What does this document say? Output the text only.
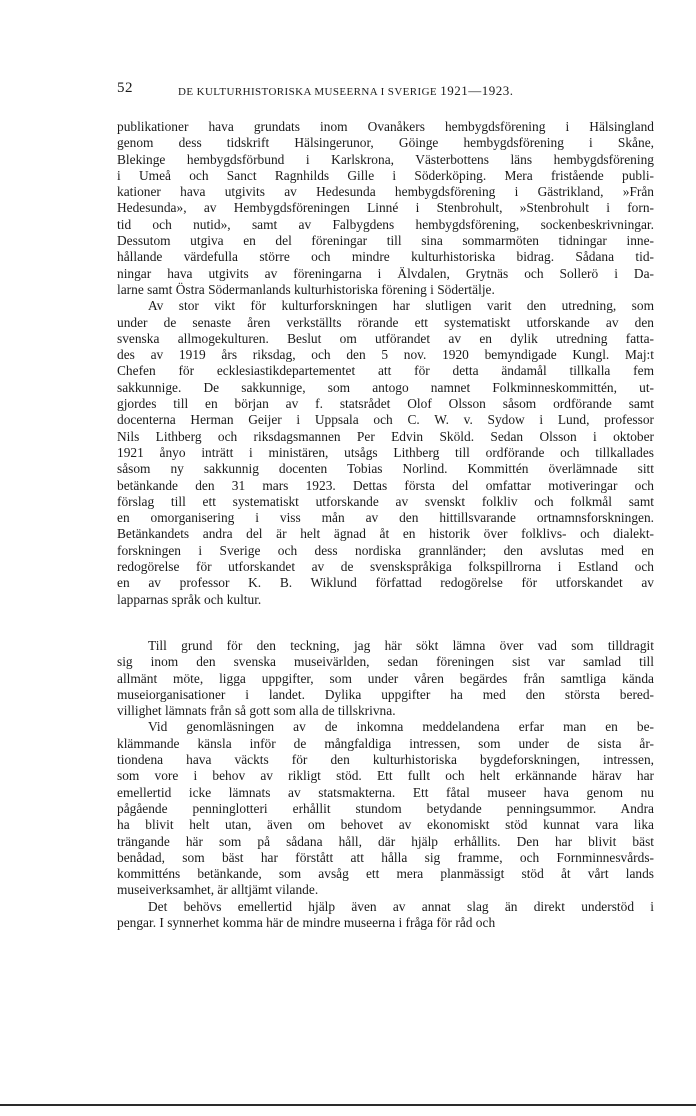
52	DE KULTURHISTORISKA MUSEERNA I SVERIGE 1921—1923.

publikationer hava grundats inom Ovanåkers hembygdsförening i Hälsingland
genom dess tidskrift Hälsingerunor, Göinge hembygdsförening i Skåne,
Blekinge hembygdsförbund i Karlskrona, Västerbottens läns hembygdsförening
i Umeå och Sanct Ragnhilds Gille i Söderköping. Mera fristående publi-
kationer hava utgivits av Hedesunda hembygdsförening i Gästrikland, »Från
Hedesunda», av Hembygdsföreningen Linné i Stenbrohult, »Stenbrohult i forn-
tid och nutid», samt av Falbygdens hembygdsförening, sockenbeskrivningar.
Dessutom utgiva en del föreningar till sina sommarmöten tidningar inne-
hållande värdefulla större och mindre kulturhistoriska bidrag. Sådana tid-
ningar hava utgivits av föreningarna i Älvdalen, Grytnäs och Sollerö i Da-
larne samt Östra Södermanlands kulturhistoriska förening i Södertälje.

Av stor vikt för kulturforskningen har slutligen varit den utredning, som
under de senaste åren verkställts rörande ett systematiskt utforskande av den
svenska allmogekulturen. Beslut om utförandet av en dylik utredning fatta-
des av 1919 års riksdag, och den 5 nov. 1920 bemyndigade Kungl. Maj:t
Chefen för ecklesiastikdepartementet att för detta ändamål tillkalla fem
sakkunnige. De sakkunnige, som antogo namnet Folkminneskommittén, ut-
gjordes till en början av f. statsrådet Olof Olsson såsom ordförande samt
docenterna Herman Geijer i Uppsala och C. W. v. Sydow i Lund, professor
Nils Lithberg och riksdagsmannen Per Edvin Sköld. Sedan Olsson i oktober
1921 ånyo inträtt i ministären, utsågs Lithberg till ordförande och tillkallades
såsom ny sakkunnig docenten Tobias Norlind. Kommittén överlämnade sitt
betänkande den 31 mars 1923. Dettas första del omfattar motiveringar och
förslag till ett systematiskt utforskande av svenskt folkliv och folkmål samt
en omorganisering i viss mån av den hittillsvarande ortnamnsforskningen.
Betänkandets andra del är helt ägnad åt en historik över folklivs- och dialekt-
forskningen i Sverige och dess nordiska grannländer; den avslutas med en
redogörelse för utforskandet av de svenskspråkiga folkspillrorna i Estland och
en av professor K. B. Wiklund författad redogörelse för utforskandet av
lapparnas språk och kultur.

Till grund för den teckning, jag här sökt lämna över vad som tilldragit
sig inom den svenska museivärlden, sedan föreningen sist var samlad till
allmänt möte, ligga uppgifter, som under våren begärdes från samtliga kända
museiorganisationer i landet. Dylika uppgifter ha med den största bered-
villighet lämnats från så gott som alla de tillskrivna.

Vid genomläsningen av de inkomna meddelandena erfar man en be-
klämmande känsla inför de mångfaldiga intressen, som under de sista år-
tiondena hava väckts för den kulturhistoriska bygdeforskningen, intressen,
som vore i behov av rikligt stöd. Ett fullt och helt erkännande härav har
emellertid icke lämnats av statsmakterna. Ett fåtal museer hava genom nu
pågående penninglotteri erhållit stundom betydande penningsummor. Andra
ha blivit helt utan, även om behovet av ekonomiskt stöd kunnat vara lika
trängande här som på sådana håll, där hjälp erhållits. Den har blivit bäst
benådad, som bäst har förstått att hålla sig framme, och Fornminnesvårds-
kommitténs betänkande, som avsåg ett mera planmässigt stöd åt vårt lands
museiverksamhet, är alltjämt vilande.

Det behövs emellertid hjälp även av annat slag än direkt understöd i
pengar. I synnerhet komma här de mindre museerna i fråga för råd och
